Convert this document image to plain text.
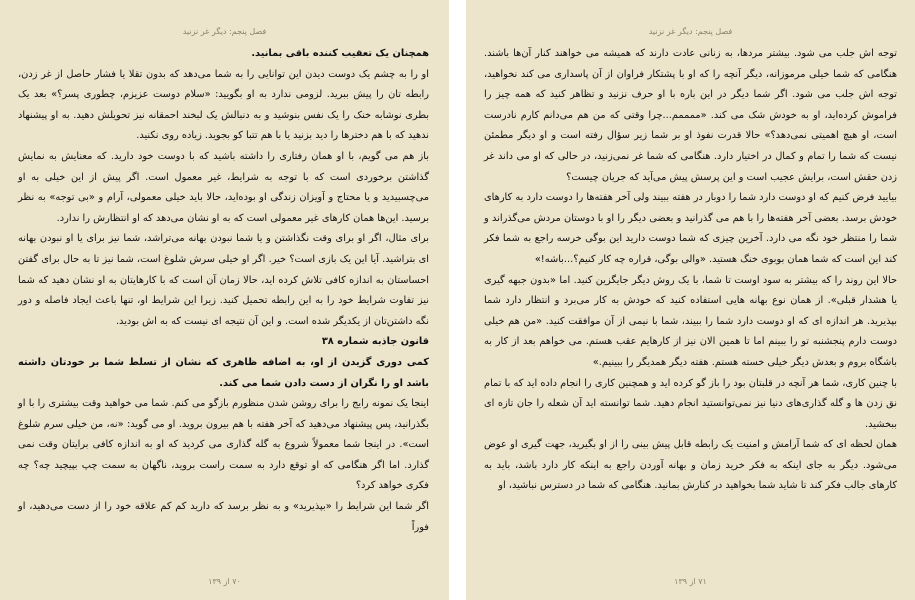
فصل پنجم: دیگر غر نزنید

همچنان یک تعقیب کننده باقی بمانید.

او را به چشم یک دوست دیدن این توانایی را به شما می‌دهد که بدون تقلا یا فشار حاصل از غر زدن، رابطه تان را پیش ببرید. لزومی ندارد به او بگویید: «سلام دوست عزیزم، چطوری پسر؟» بعد یک بطری نوشابه خنک را یک نفس بنوشید و به دنبالش یک لبخند احمقانه نیز تحویلش دهید. به او پیشنهاد ندهید که با هم دخترها را دید بزنید یا با هم تتبا کو بجوید. زیاده روی نکنید.

باز هم می گویم، با او همان رفتاری را داشته باشید که با دوست خود دارید. که معنایش به نمایش گذاشتن برخوردی است که با توجه به شرایط، غیر معمول است. اگر پیش از این خیلی به او می‌چسبیدید و یا محتاج و آویزان زندگی او بوده‌اید، حالا باید خیلی معمولی، آرام و «بی توجه» به نظر برسید. این‌ها همان کارهای غیر معمولی است که به او نشان می‌دهد که او انتظارش را ندارد.

برای مثال، اگر او برای وقت نگذاشتن و یا شما نبودن بهانه می‌تراشد، شما نیز برای یا او نبودن بهانه ای بتراشید. آیا این یک بازی است؟ خیر. اگر او خیلی سرش شلوغ است، شما نیز تا به حال برای گفتن احساستان به اندازه کافی تلاش کرده اید، حالا زمان آن است که با کارهایتان به او نشان دهید که شما نیز تفاوت شرایط خود را به این رابطه تحمیل کنید. زیرا این شرایط او، تنها باعث ایجاد فاصله و دور نگه داشتن‌تان از یکدیگر شده است. و این آن نتیجه ای نیست که به اش بودید.

قانون جاذبه شماره ۳۸

کمی دوری گزیدن از او، به اضافه ظاهری که نشان از تسلط شما بر خودتان داشته باشد او را نگران از دست دادن شما می کند.

اینجا یک نمونه رایج را برای روشن شدن منظورم بازگو می کنم. شما می خواهید وقت بیشتری را با او بگذرانید، پس پیشنهاد می‌دهید که آخر هفته با هم بیرون بروید. او می گوید: «نه، من خیلی سرم شلوغ است». در اینجا شما معمولاً شروع به گله گذاری می کردید که او به اندازه کافی برایتان وقت نمی گذارد. اما اگر هنگامی که او توقع دارد به سمت راست بروید، ناگهان به سمت چپ بپیچید چه؟ چه فکری خواهد کرد؟

اگر شما این شرایط را «بپذیرید» و به نظر برسد که دارید کم کم علاقه خود را از دست می‌دهید، او فوراً

۷۰ از ۱۳۹
فصل پنجم: دیگر غر نزنید

توجه اش جلب می شود. بیشتر مردها، به زنانی عادت دارند که همیشه می خواهند کنار آن‌ها باشند. هنگامی که شما خیلی مرموزانه، دیگر آنچه را که او با پشتکار فراوان از آن پاسداری می کند نخواهید، توجه اش جلب می شود. اگر شما دیگر در این باره با او حرف نزنید و تظاهر کنید که همه چیز را فراموش کرده‌اید، او به خودش شک می کند. «ممممم...چرا وقتی که من هم می‌دانم کارم نادرست است، او هیچ اهمیتی نمی‌دهد؟» حالا قدرت نفوذ او بر شما زیر سؤال رفته است و او دیگر مطمئن نیست که شما را تمام و کمال در اختیار دارد. هنگامی که شما غر نمی‌زنید، در حالی که او می داند غر زدن حقش است، برایش عجیب است و این پرسش پیش می‌آید که جریان چیست؟

بیایید فرض کنیم که او دوست دارد شما را دوبار در هفته ببیند ولی آخر هفته‌ها را دوست دارد به کارهای خودش برسد. بعضی آخر هفته‌ها را با هم می گذرانید و بعضی دیگر را او با دوستان مردش می‌گذراند و شما را منتظر خود نگه می دارد. آخرین چیزی که شما دوست دارید این بوگی خرسه راجع به شما فکر کند این است که شما همان بوبوی خنگ هستید. «والی بوگی، قراره چه کار کنیم؟...باشه!»

حالا این روند را که بیشتر به سود اوست تا شما، با یک روش دیگر جایگزین کنید. اما «بدون جبهه گیری یا هشدار قبلی». از همان نوع بهانه هایی استفاده کنید که خودش به کار می‌برد و انتظار دارد شما بپذیرید. هر اندازه ای که او دوست دارد شما را ببیند، شما با نیمی از آن موافقت کنید. «من هم خیلی دوست دارم پنجشنبه تو را ببینم اما تا همین الان نیز از کارهایم عقب هستم. می خواهم بعد از کار به باشگاه بروم و بعدش دیگر خیلی خسته هستم. هفته دیگر همدیگر را ببینیم.»

با چنین کاری، شما هر آنچه در قلبتان بود را باز گو کرده اید و همچنین کاری را انجام داده اید که با تمام نق زدن ها و گله گذاری‌های دنیا نیز نمی‌توانستید انجام دهید. شما توانسته اید آن شعله را جان تازه ای ببخشید.

همان لحظه ای که شما آرامش و امنیت یک رابطه قابل پیش بینی را از او بگیرید، جهت گیری او عوض می‌شود. دیگر به جای اینکه به فکر خرید زمان و بهانه آوردن راجع به اینکه کار دارد باشد، باید به کارهای جالب فکر کند تا شاید شما بخواهید در کنارش بمانید. هنگامی که شما در دسترس نباشید، او

۷۱ از ۱۳۹
